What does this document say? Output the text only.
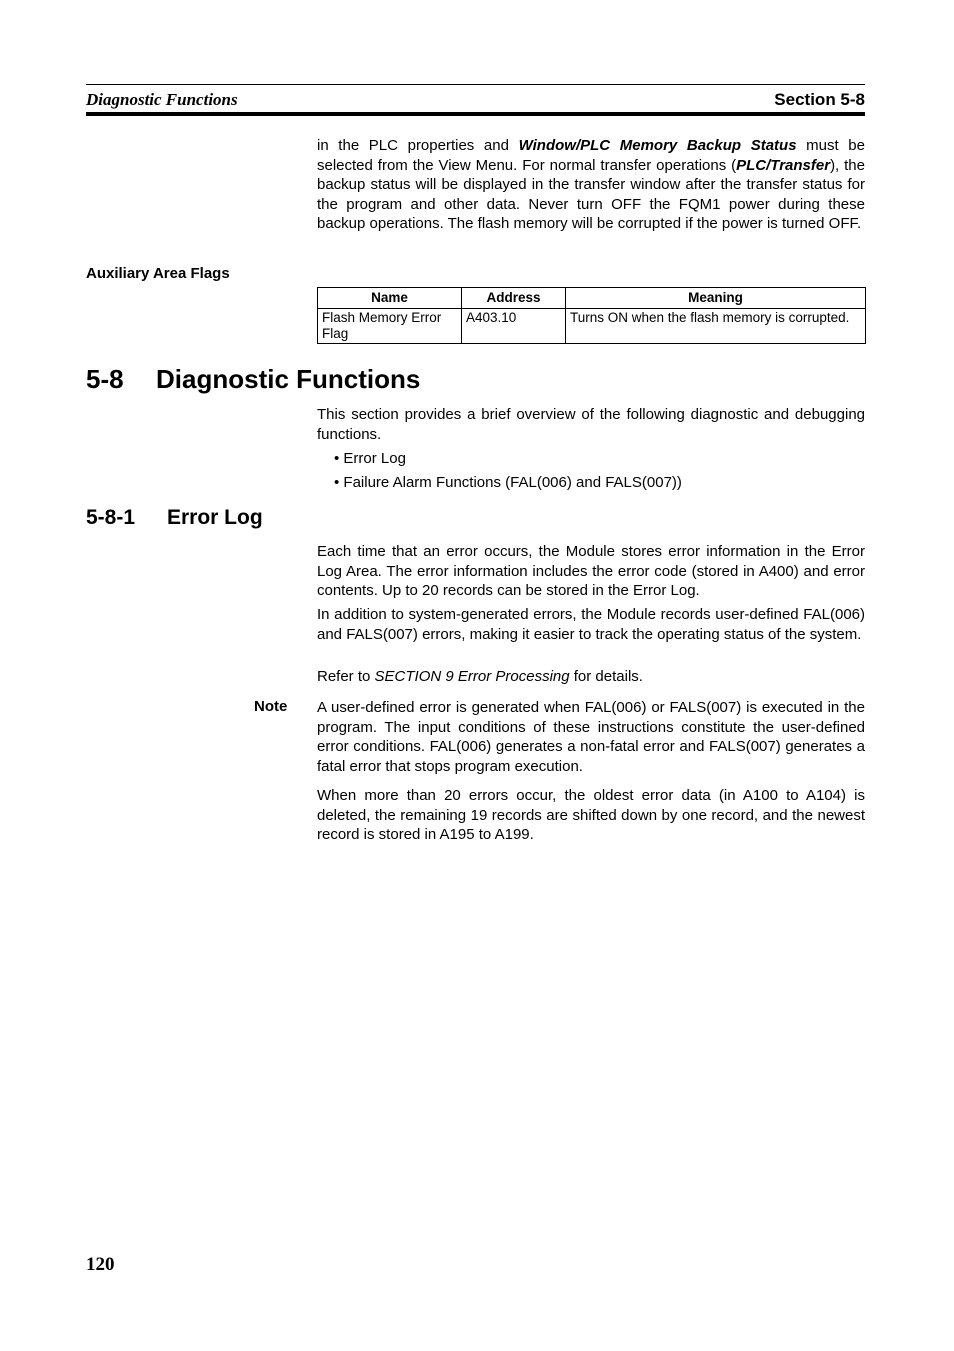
Diagnostic Functions	Section 5-8
in the PLC properties and Window/PLC Memory Backup Status must be selected from the View Menu. For normal transfer operations (PLC/Transfer), the backup status will be displayed in the transfer window after the transfer status for the program and other data. Never turn OFF the FQM1 power during these backup operations. The flash memory will be corrupted if the power is turned OFF.
Auxiliary Area Flags
Name	Address	Meaning
Flash Memory Error Flag	A403.10	Turns ON when the flash memory is corrupted.
5-8 Diagnostic Functions
This section provides a brief overview of the following diagnostic and debugging functions.
• Error Log
• Failure Alarm Functions (FAL(006) and FALS(007))
5-8-1 Error Log
Each time that an error occurs, the Module stores error information in the Error Log Area. The error information includes the error code (stored in A400) and error contents. Up to 20 records can be stored in the Error Log.
In addition to system-generated errors, the Module records user-defined FAL(006) and FALS(007) errors, making it easier to track the operating status of the system.
Refer to SECTION 9 Error Processing for details.
Note A user-defined error is generated when FAL(006) or FALS(007) is executed in the program. The input conditions of these instructions constitute the user-defined error conditions. FAL(006) generates a non-fatal error and FALS(007) generates a fatal error that stops program execution.
When more than 20 errors occur, the oldest error data (in A100 to A104) is deleted, the remaining 19 records are shifted down by one record, and the newest record is stored in A195 to A199.
120
